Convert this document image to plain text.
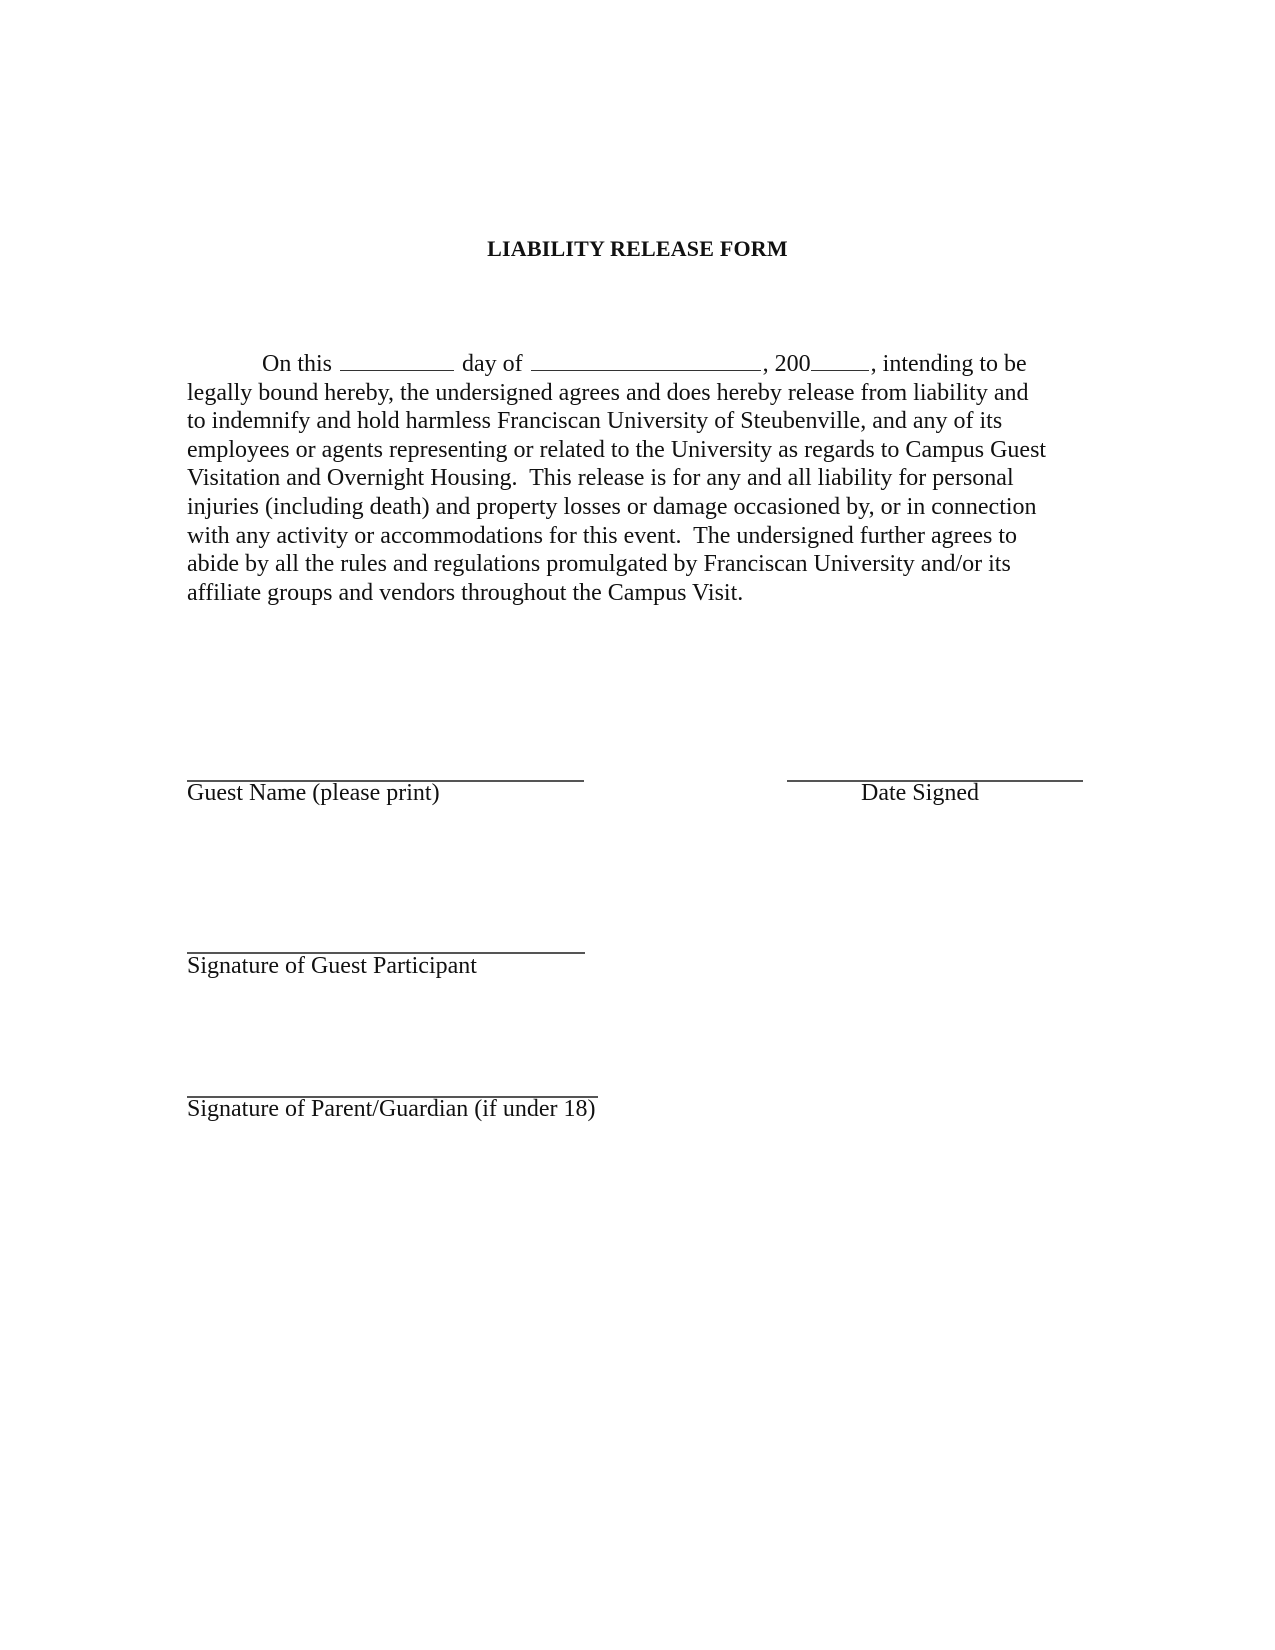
LIABILITY RELEASE FORM
On this	day of	, 200	, intending to be
legally bound hereby, the undersigned agrees and does hereby release from liability and
to indemnify and hold harmless Franciscan University of Steubenville, and any of its
employees or agents representing or related to the University as regards to Campus Guest
Visitation and Overnight Housing.  This release is for any and all liability for personal
injuries (including death) and property losses or damage occasioned by, or in connection
with any activity or accommodations for this event.  The undersigned further agrees to
abide by all the rules and regulations promulgated by Franciscan University and/or its
affiliate groups and vendors throughout the Campus Visit.
Guest Name (please print)	Date Signed
Signature of Guest Participant
Signature of Parent/Guardian (if under 18)
